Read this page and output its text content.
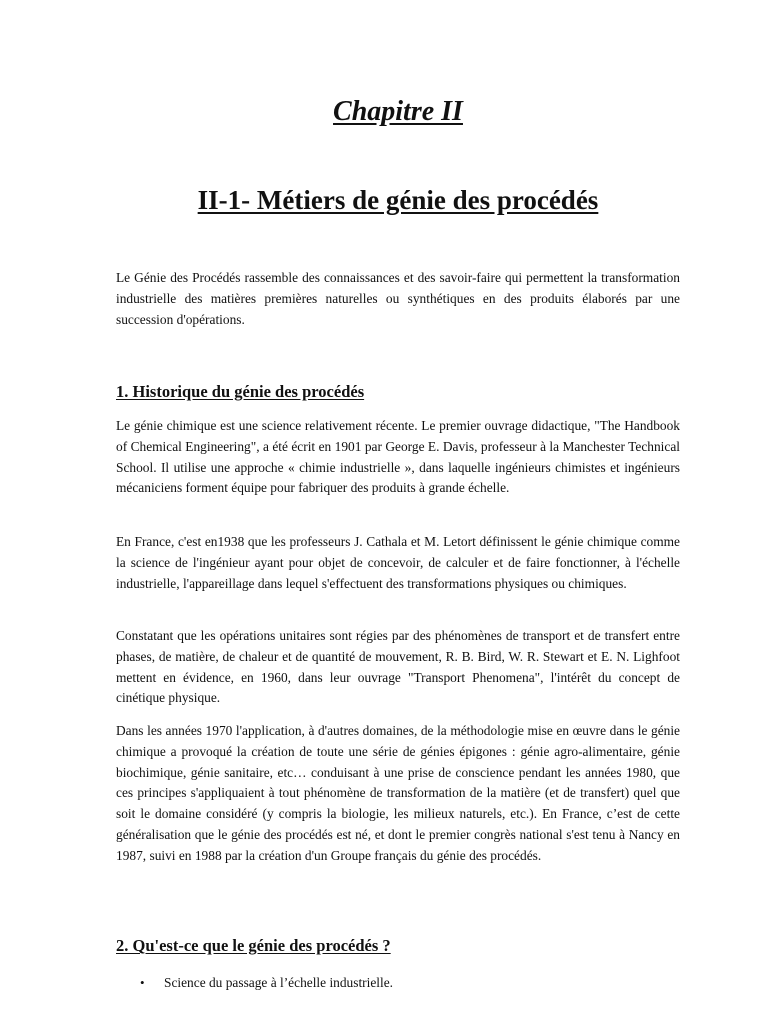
Chapitre II
II-1- Métiers de génie des procédés

Le Génie des Procédés rassemble des connaissances et des savoir-faire qui permettent la transformation industrielle des matières premières naturelles ou synthétiques en des produits élaborés par une succession d'opérations.

1. Historique du génie des procédés

Le génie chimique est une science relativement récente. Le premier ouvrage didactique, "The Handbook of Chemical Engineering", a été écrit en 1901 par George E. Davis, professeur à la Manchester Technical School. Il utilise une approche « chimie industrielle », dans laquelle ingénieurs chimistes et ingénieurs mécaniciens forment équipe pour fabriquer des produits à grande échelle.

En France, c'est en1938 que les professeurs J. Cathala et M. Letort définissent le génie chimique comme la science de l'ingénieur ayant pour objet de concevoir, de calculer et de faire fonctionner, à l'échelle industrielle, l'appareillage dans lequel s'effectuent des transformations physiques ou chimiques.

Constatant que les opérations unitaires sont régies par des phénomènes de transport et de transfert entre phases, de matière, de chaleur et de quantité de mouvement, R. B. Bird, W. R. Stewart et E. N. Lighfoot mettent en évidence, en 1960, dans leur ouvrage "Transport Phenomena", l'intérêt du concept de cinétique physique.

Dans les années 1970 l'application, à d'autres domaines, de la méthodologie mise en œuvre dans le génie chimique a provoqué la création de toute une série de génies épigones : génie agro-alimentaire, génie biochimique, génie sanitaire, etc… conduisant à une prise de conscience pendant les années 1980, que ces principes s'appliquaient à tout phénomène de transformation de la matière (et de transfert) quel que soit le domaine considéré (y compris la biologie, les milieux naturels, etc.). En France, c’est de cette généralisation que le génie des procédés est né, et dont le premier congrès national s'est tenu à Nancy en 1987, suivi en 1988 par la création d'un Groupe français du génie des procédés.

2. Qu'est-ce que le génie des procédés ?
• Science du passage à l’échelle industrielle.
